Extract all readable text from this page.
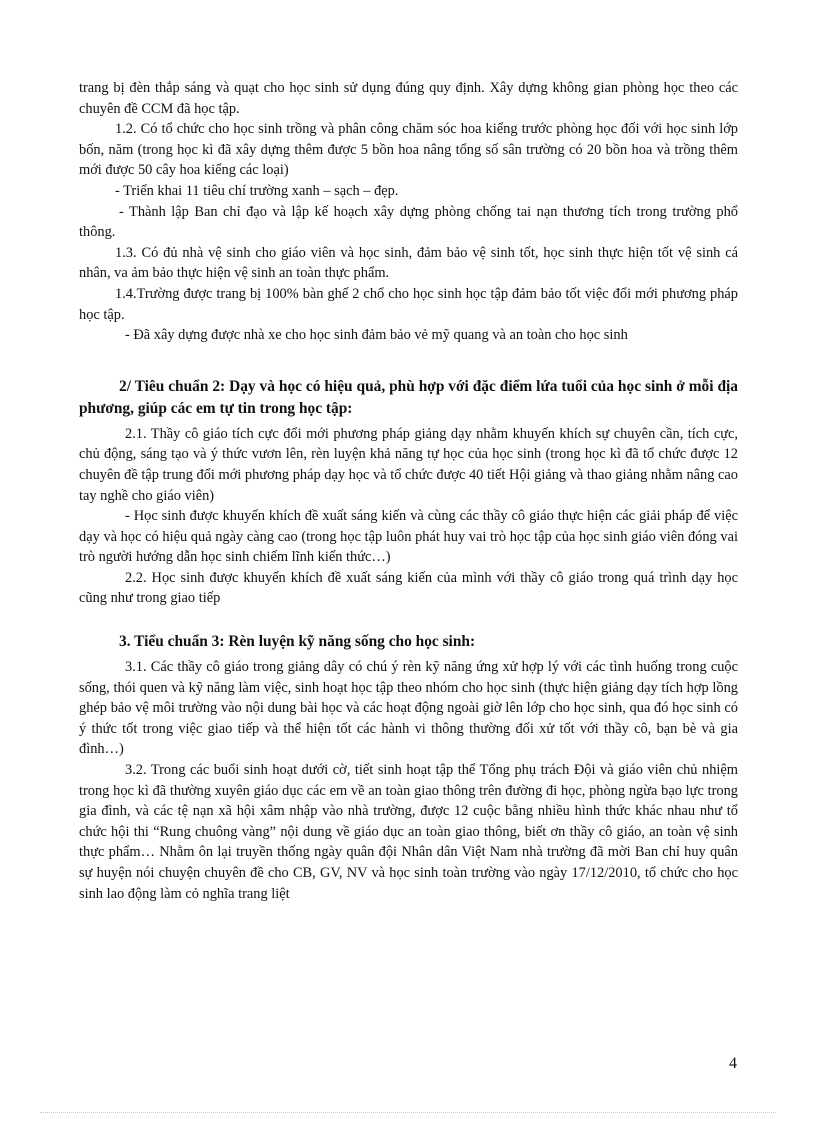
trang bị đèn thắp sáng và quạt cho học sinh sử dụng đúng quy định. Xây dựng không gian phòng học theo các chuyên đề CCM đã học tập.

1.2. Có tổ chức cho học sinh trồng và phân công chăm sóc hoa kiểng trước phòng học đối với học sinh lớp bốn, năm (trong học kì đã xây dựng thêm được 5 bồn hoa nâng tổng số sân trường có 20 bồn hoa và trồng thêm mới được 50 cây hoa kiểng các loại)

- Triển khai 11 tiêu chí trường xanh – sạch – đẹp.

- Thành lập Ban chỉ đạo và lập kế hoạch xây dựng phòng chống tai nạn thương tích trong trường phổ thông.

1.3. Có đủ nhà vệ sinh cho giáo viên và học sinh, đảm bảo vệ sinh tốt, học sinh thực hiện tốt vệ sinh cá nhân, va ảm bảo thực hiện vệ sinh an toàn thực phẩm.

1.4.Trường được trang bị 100% bàn ghế 2 chổ cho học sinh học tập đảm bảo tốt việc đổi mới phương pháp học tập.

- Đã xây dựng được nhà xe cho học sinh đảm bảo vẻ mỹ quang và an toàn cho học sinh

2/ Tiêu chuẩn 2: Dạy và học có hiệu quả, phù hợp với đặc điểm lứa tuổi của học sinh ở mỗi địa phương, giúp các em tự tin trong học tập:

2.1. Thầy cô giáo tích cực đổi mới phương pháp giảng dạy nhằm khuyến khích sự chuyên cần, tích cực, chủ động, sáng tạo và ý thức vươn lên, rèn luyện khả năng tự học của học sinh (trong học kì đã tổ chức được 12 chuyên đề tập trung đổi mới phương pháp dạy học và tổ chức được 40 tiết Hội giảng và thao giảng nhằm nâng cao tay nghề cho giáo viên)

- Học sinh được khuyến khích đề xuất sáng kiến và cùng các thầy cô giáo thực hiện các giải pháp để việc dạy và học có hiệu quả ngày càng cao (trong học tập luôn phát huy vai trò học tập của học sinh giáo viên đóng vai trò người hướng dẫn học sinh chiếm lĩnh kiến thức…)

2.2. Học sinh được khuyến khích đề xuất sáng kiến của mình với thầy cô giáo trong quá trình dạy học cũng như trong giao tiếp

3. Tiểu chuẩn 3: Rèn luyện kỹ năng sống cho học sinh:

3.1. Các thầy cô giáo trong giảng dây có chú ý rèn kỹ năng ứng xử hợp lý với các tình huống trong cuộc sống, thói quen và kỹ năng làm việc, sinh hoạt học tập theo nhóm cho học sinh (thực hiện giảng dạy tích hợp lồng ghép bảo vệ môi trường vào nội dung bài học và các hoạt động ngoài giờ lên lớp cho học sinh, qua đó học sinh có ý thức tốt trong việc giao tiếp và thể hiện tốt các hành vi thông thường đối xử tốt với thầy cô, bạn bè và gia đình…)

3.2. Trong các buổi sinh hoạt dưới cờ, tiết sinh hoạt tập thể Tổng phụ trách Đội và giáo viên chủ nhiệm trong học kì đã thường xuyên giáo dục các em về an toàn giao thông trên đường đi học, phòng ngừa bạo lực trong gia đình, và các tệ nạn xã hội xâm nhập vào nhà trường, được 12 cuộc bằng nhiều hình thức khác nhau như tổ chức hội thi “Rung chuông vàng” nội dung về giáo dục an toàn giao thông, biết ơn thầy cô giáo, an toàn vệ sinh thực phẩm… Nhằm ôn lại truyền thống ngày quân đội Nhân dân Việt Nam nhà trường đã mời Ban chỉ huy quân sự huyện nói chuyện chuyên đề cho CB, GV, NV và học sinh toàn trường vào ngày 17/12/2010, tổ chức cho học sinh lao động làm cỏ nghĩa trang liệt

4
